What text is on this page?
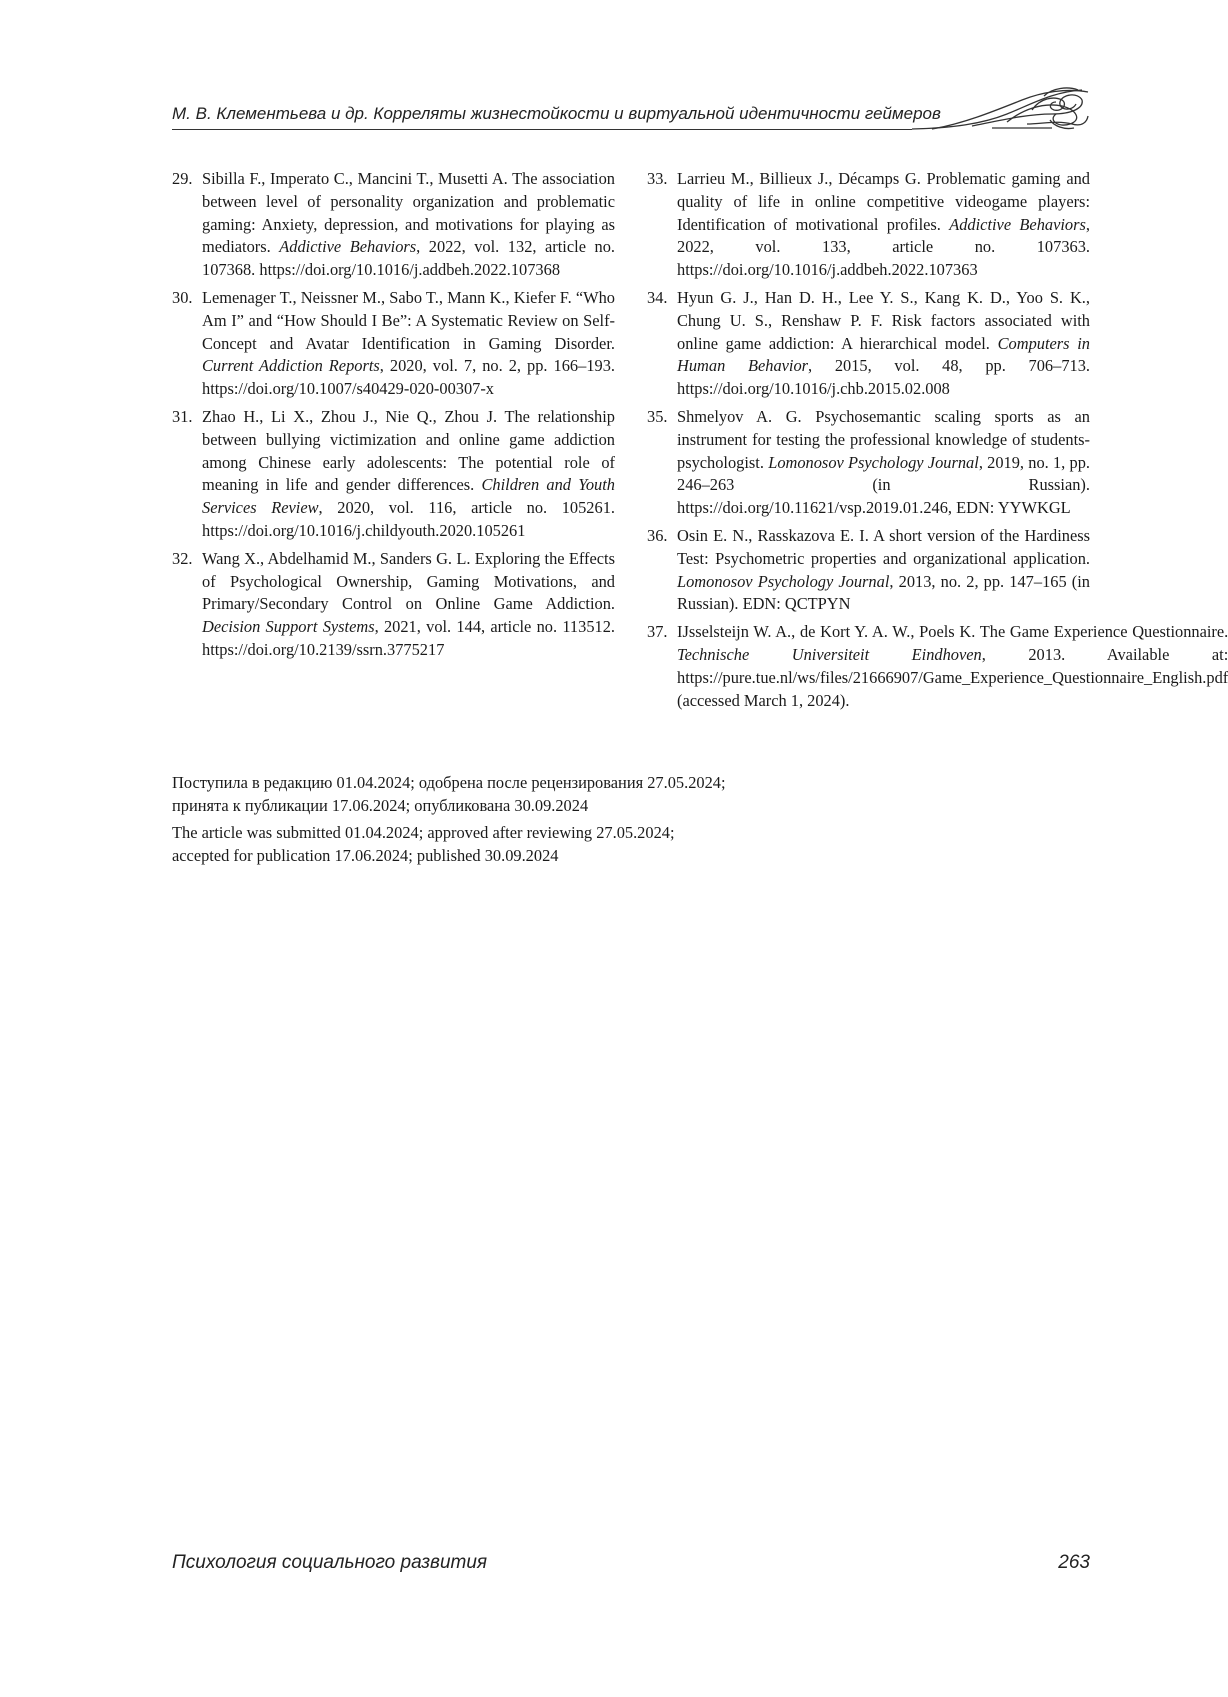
М. В. Клементьева и др. Корреляты жизнестойкости и виртуальной идентичности геймеров
29. Sibilla F., Imperato C., Mancini T., Musetti A. The association between level of personality organization and problematic gaming: Anxiety, depression, and motivations for playing as mediators. Addictive Behaviors, 2022, vol. 132, article no. 107368. https://doi.org/10.1016/j.addbeh.2022.107368
30. Lemenager T., Neissner M., Sabo T., Mann K., Kiefer F. “Who Am I” and “How Should I Be”: A Systematic Review on Self-Concept and Avatar Identification in Gaming Disorder. Current Addiction Reports, 2020, vol. 7, no. 2, pp. 166–193. https://doi.org/10.1007/s40429-020-00307-x
31. Zhao H., Li X., Zhou J., Nie Q., Zhou J. The relationship between bullying victimization and online game addiction among Chinese early adolescents: The potential role of meaning in life and gender differences. Children and Youth Services Review, 2020, vol. 116, article no. 105261. https://doi.org/10.1016/j.childyouth.2020.105261
32. Wang X., Abdelhamid M., Sanders G. L. Exploring the Effects of Psychological Ownership, Gaming Motivations, and Primary/Secondary Control on Online Game Addiction. Decision Support Systems, 2021, vol. 144, article no. 113512. https://doi.org/10.2139/ssrn.3775217
33. Larrieu M., Billieux J., Décamps G. Problematic gaming and quality of life in online competitive videogame players: Identification of motivational profiles. Addictive Behaviors, 2022, vol. 133, article no. 107363. https://doi.org/10.1016/j.addbeh.2022.107363
34. Hyun G. J., Han D. H., Lee Y. S., Kang K. D., Yoo S. K., Chung U. S., Renshaw P. F. Risk factors associated with online game addiction: A hierarchical model. Computers in Human Behavior, 2015, vol. 48, pp. 706–713. https://doi.org/10.1016/j.chb.2015.02.008
35. Shmelyov A. G. Psychosemantic scaling sports as an instrument for testing the professional knowledge of students-psychologist. Lomonosov Psychology Journal, 2019, no. 1, pp. 246–263 (in Russian). https://doi.org/10.11621/vsp.2019.01.246, EDN: YYWKGL
36. Osin E. N., Rasskazova E. I. A short version of the Hardiness Test: Psychometric properties and organizational application. Lomonosov Psychology Journal, 2013, no. 2, pp. 147–165 (in Russian). EDN: QCTPYN
37. IJsselsteijn W. A., de Kort Y. A. W., Poels K. The Game Experience Questionnaire. Technische Universiteit Eindhoven, 2013. Available at: https://pure.tue.nl/ws/files/21666907/Game_Experience_Questionnaire_English.pdf (accessed March 1, 2024).
Поступила в редакцию 01.04.2024; одобрена после рецензирования 27.05.2024;
принята к публикации 17.06.2024; опубликована 30.09.2024
The article was submitted 01.04.2024; approved after reviewing 27.05.2024;
accepted for publication 17.06.2024; published 30.09.2024
Психология социального развития	263
